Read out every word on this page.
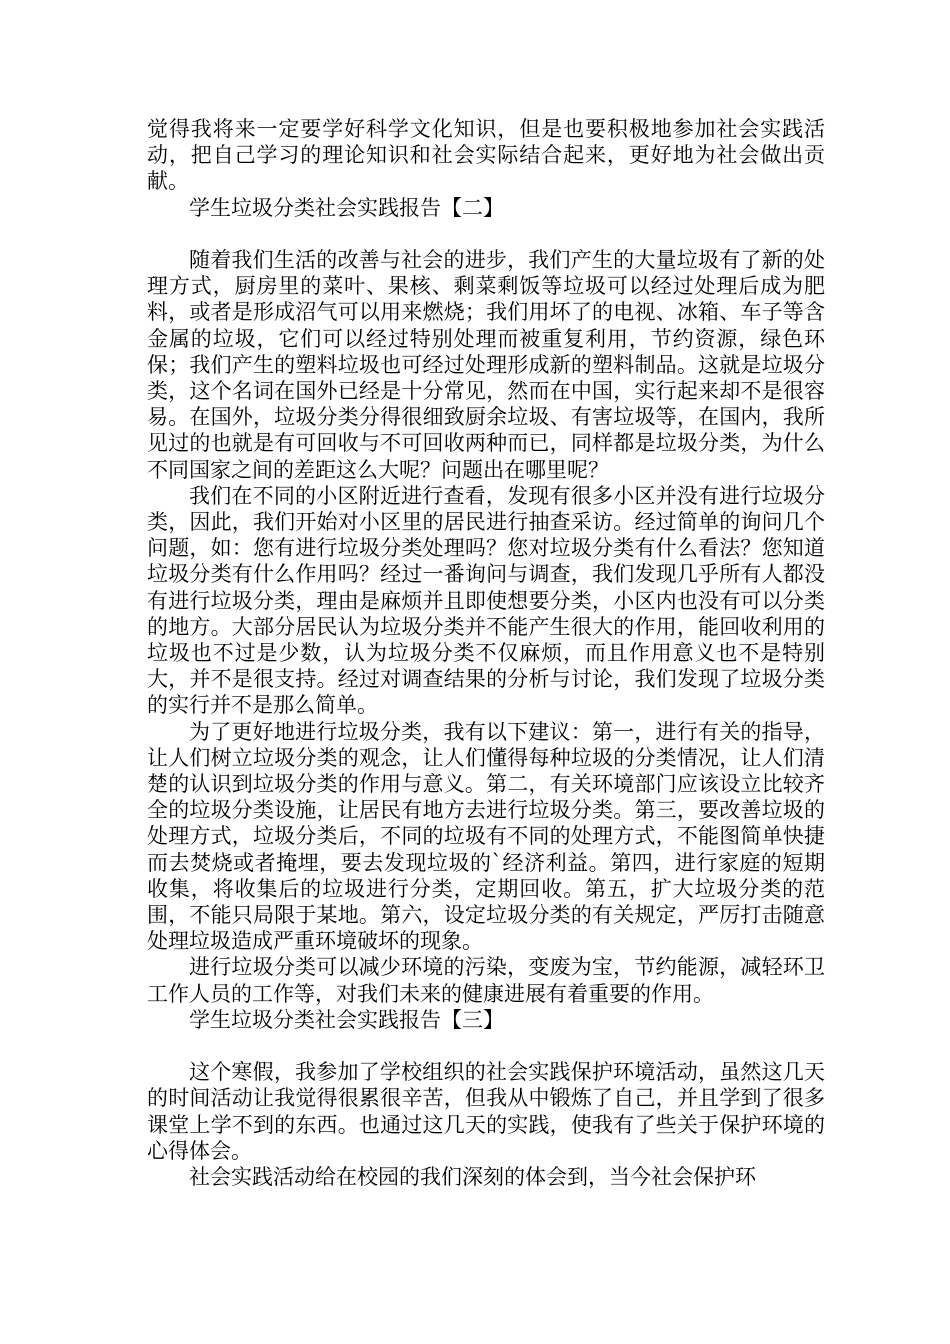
觉得我将来一定要学好科学文化知识，但是也要积极地参加社会实践活动，把自己学习的理论知识和社会实际结合起来，更好地为社会做出贡献。

学生垃圾分类社会实践报告【二】

随着我们生活的改善与社会的进步，我们产生的大量垃圾有了新的处理方式，厨房里的菜叶、果核、剩菜剩饭等垃圾可以经过处理后成为肥料，或者是形成沼气可以用来燃烧；我们用坏了的电视、冰箱、车子等含金属的垃圾，它们可以经过特别处理而被重复利用，节约资源，绿色环保；我们产生的塑料垃圾也可经过处理形成新的塑料制品。这就是垃圾分类，这个名词在国外已经是十分常见，然而在中国，实行起来却不是很容易。在国外，垃圾分类分得很细致厨余垃圾、有害垃圾等，在国内，我所见过的也就是有可回收与不可回收两种而已，同样都是垃圾分类，为什么不同国家之间的差距这么大呢？问题出在哪里呢？

我们在不同的小区附近进行查看，发现有很多小区并没有进行垃圾分类，因此，我们开始对小区里的居民进行抽查采访。经过简单的询问几个问题，如：您有进行垃圾分类处理吗？您对垃圾分类有什么看法？您知道垃圾分类有什么作用吗？经过一番询问与调查，我们发现几乎所有人都没有进行垃圾分类，理由是麻烦并且即使想要分类，小区内也没有可以分类的地方。大部分居民认为垃圾分类并不能产生很大的作用，能回收利用的垃圾也不过是少数，认为垃圾分类不仅麻烦，而且作用意义也不是特别大，并不是很支持。经过对调查结果的分析与讨论，我们发现了垃圾分类的实行并不是那么简单。

为了更好地进行垃圾分类，我有以下建议：第一，进行有关的指导，让人们树立垃圾分类的观念，让人们懂得每种垃圾的分类情况，让人们清楚的认识到垃圾分类的作用与意义。第二，有关环境部门应该设立比较齐全的垃圾分类设施，让居民有地方去进行垃圾分类。第三，要改善垃圾的处理方式，垃圾分类后，不同的垃圾有不同的处理方式，不能图简单快捷而去焚烧或者掩埋，要去发现垃圾的`经济利益。第四，进行家庭的短期收集，将收集后的垃圾进行分类，定期回收。第五，扩大垃圾分类的范围，不能只局限于某地。第六，设定垃圾分类的有关规定，严厉打击随意处理垃圾造成严重环境破坏的现象。

进行垃圾分类可以减少环境的污染，变废为宝，节约能源，减轻环卫工作人员的工作等，对我们未来的健康进展有着重要的作用。

学生垃圾分类社会实践报告【三】

这个寒假，我参加了学校组织的社会实践保护环境活动，虽然这几天的时间活动让我觉得很累很辛苦，但我从中锻炼了自己，并且学到了很多课堂上学不到的东西。也通过这几天的实践，使我有了些关于保护环境的心得体会。

社会实践活动给在校园的我们深刻的体会到，当今社会保护环
